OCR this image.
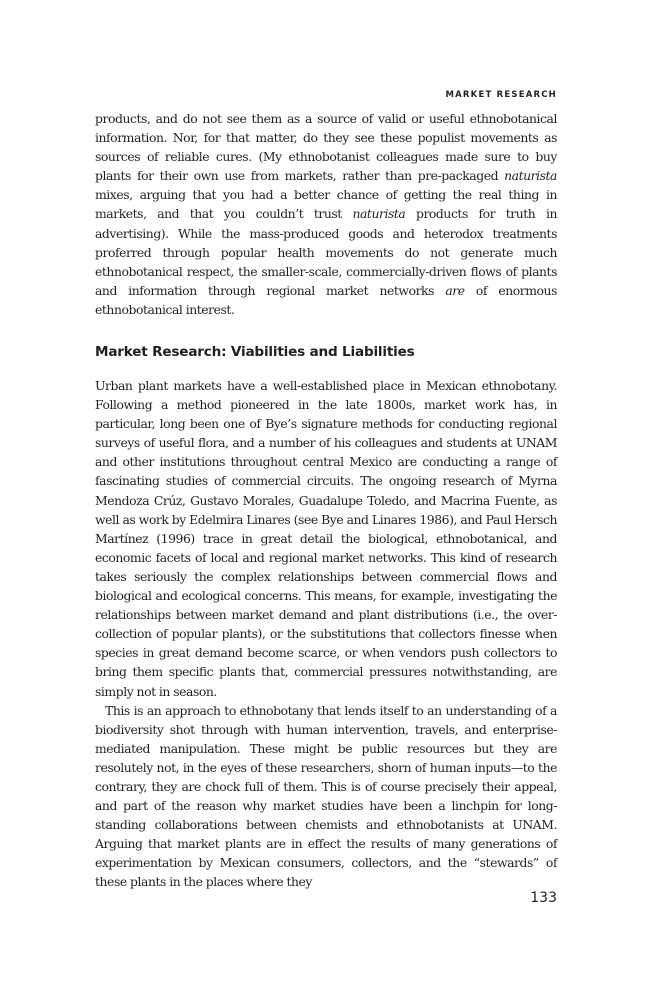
MARKET RESEARCH

products, and do not see them as a source of valid or useful ethnobotanical information. Nor, for that matter, do they see these populist movements as sources of reliable cures. (My ethnobotanist colleagues made sure to buy plants for their own use from markets, rather than pre-packaged naturista mixes, arguing that you had a better chance of getting the real thing in markets, and that you couldn’t trust naturista products for truth in advertising). While the mass-produced goods and heterodox treatments proferred through popular health movements do not generate much ethnobotanical respect, the smaller-scale, commercially-driven flows of plants and information through regional market networks are of enormous ethnobotanical interest.

Market Research: Viabilities and Liabilities

Urban plant markets have a well-established place in Mexican ethnobotany. Following a method pioneered in the late 1800s, market work has, in particular, long been one of Bye’s signature methods for conducting regional surveys of useful flora, and a number of his colleagues and students at UNAM and other institutions throughout central Mexico are conducting a range of fascinating studies of commercial circuits. The ongoing research of Myrna Mendoza Crúz, Gustavo Morales, Guadalupe Toledo, and Macrina Fuente, as well as work by Edelmira Linares (see Bye and Linares 1986), and Paul Hersch Martínez (1996) trace in great detail the biological, ethnobotanical, and economic facets of local and regional market networks. This kind of research takes seriously the complex relationships between commercial flows and biological and ecological concerns. This means, for example, investigating the relationships between market demand and plant distributions (i.e., the over-collection of popular plants), or the substitutions that collectors finesse when species in great demand become scarce, or when vendors push collectors to bring them specific plants that, commercial pressures notwithstanding, are simply not in season.

This is an approach to ethnobotany that lends itself to an understanding of a biodiversity shot through with human intervention, travels, and enterprise-mediated manipulation. These might be public resources but they are resolutely not, in the eyes of these researchers, shorn of human inputs—to the contrary, they are chock full of them. This is of course precisely their appeal, and part of the reason why market studies have been a linchpin for long-standing collaborations between chemists and ethnobotanists at UNAM. Arguing that market plants are in effect the results of many generations of experimentation by Mexican consumers, collectors, and the “stewards” of these plants in the places where they

133
